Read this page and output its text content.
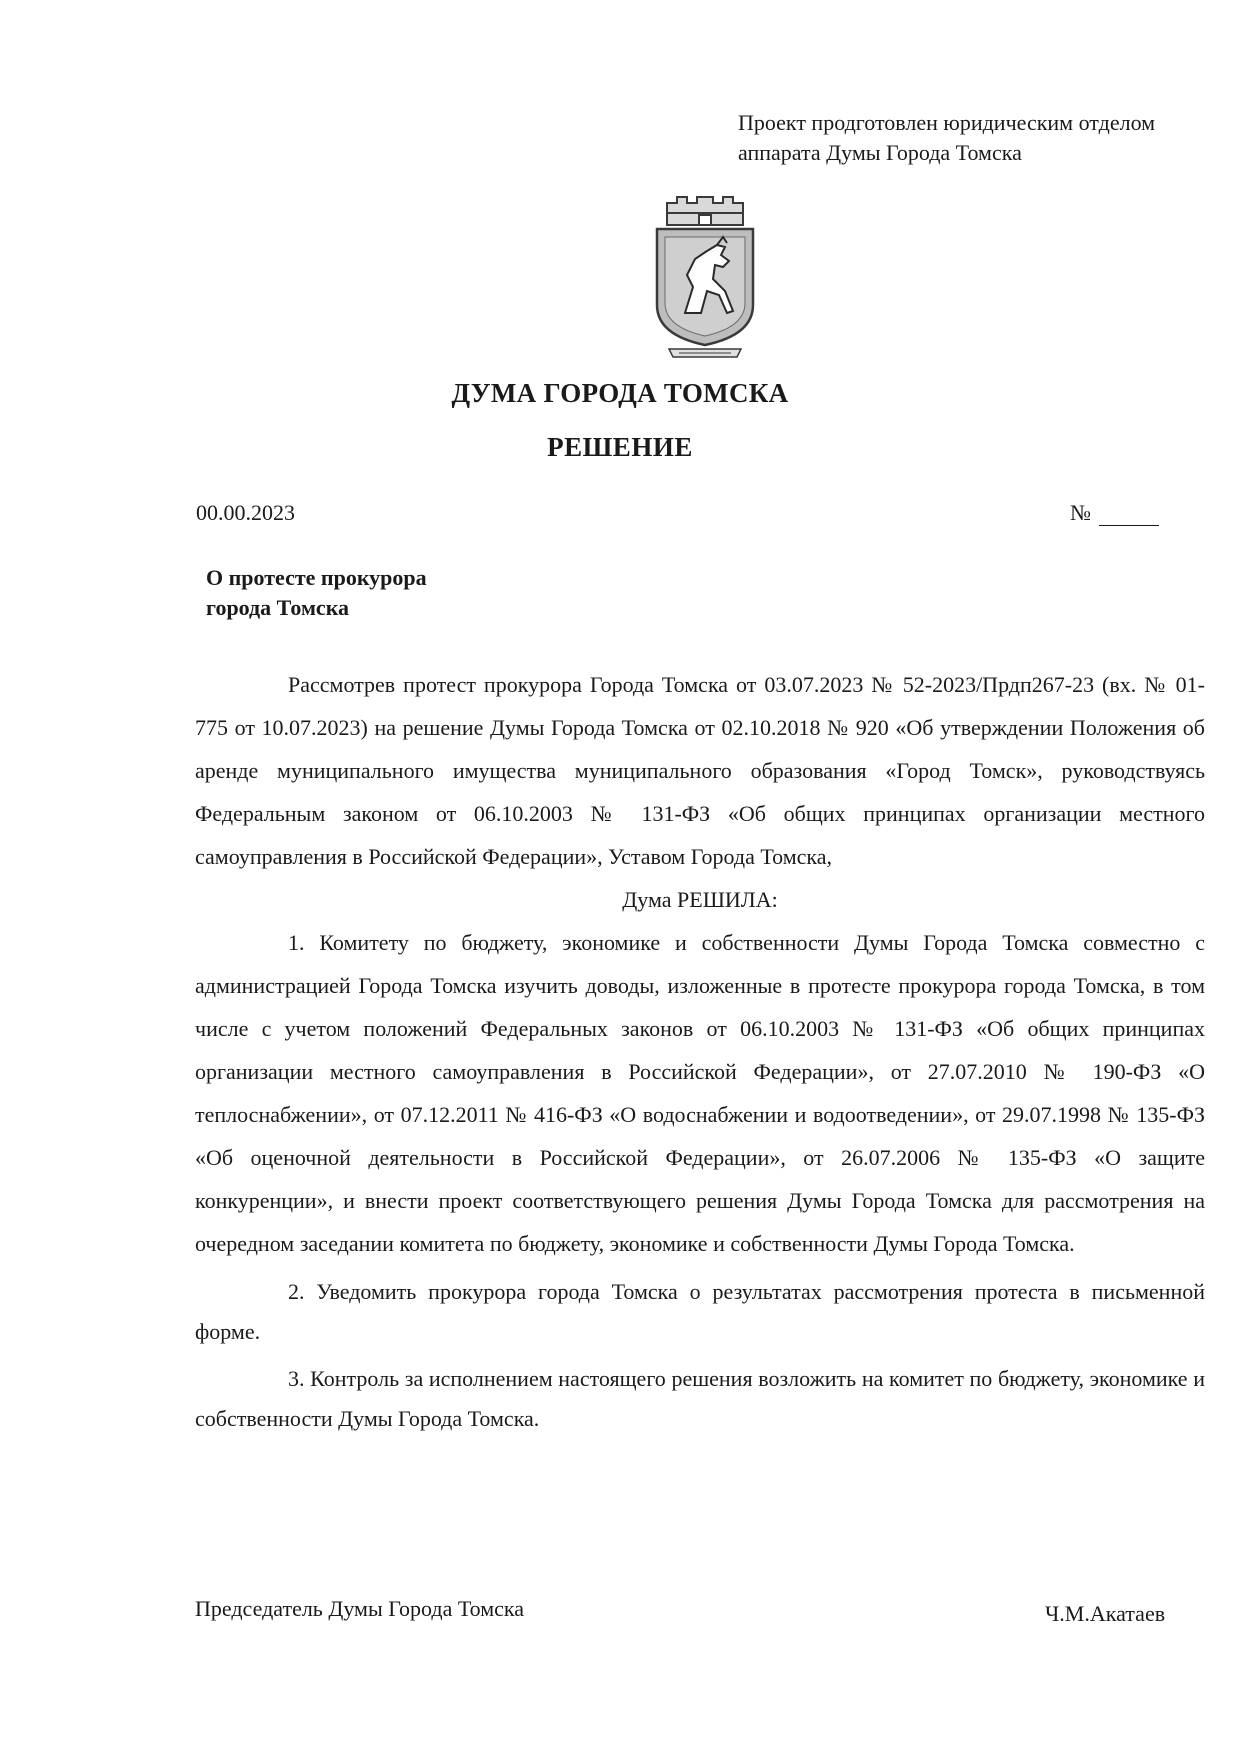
Проект продготовлен юридическим отделом
аппарата Думы Города Томска
ДУМА ГОРОДА ТОМСКА
РЕШЕНИЕ
00.00.2023	№
О протесте прокурора
города Томска

Рассмотрев протест прокурора Города Томска от 03.07.2023 № 52-2023/Прдп267-23 (вх. № 01-775 от 10.07.2023) на решение Думы Города Томска от 02.10.2018 № 920 «Об утверждении Положения об аренде муниципального имущества муниципального образования «Город Томск», руководствуясь Федеральным законом от 06.10.2003 № 131-ФЗ «Об общих принципах организации местного самоуправления в Российской Федерации», Уставом Города Томска,

Дума РЕШИЛА:

1. Комитету по бюджету, экономике и собственности Думы Города Томска совместно с администрацией Города Томска изучить доводы, изложенные в протесте прокурора города Томска, в том числе с учетом положений Федеральных законов от 06.10.2003 № 131-ФЗ «Об общих принципах организации местного самоуправления в Российской Федерации», от 27.07.2010 № 190-ФЗ «О теплоснабжении», от 07.12.2011 № 416-ФЗ «О водоснабжении и водоотведении», от 29.07.1998 № 135-ФЗ «Об оценочной деятельности в Российской Федерации», от 26.07.2006 № 135-ФЗ «О защите конкуренции», и внести проект соответствующего решения Думы Города Томска для рассмотрения на очередном заседании комитета по бюджету, экономике и собственности Думы Города Томска.

2. Уведомить прокурора города Томска о результатах рассмотрения протеста в письменной форме.

3. Контроль за исполнением настоящего решения возложить на комитет по бюджету, экономике и собственности Думы Города Томска.

Председатель Думы Города Томска	Ч.М.Акатаев
